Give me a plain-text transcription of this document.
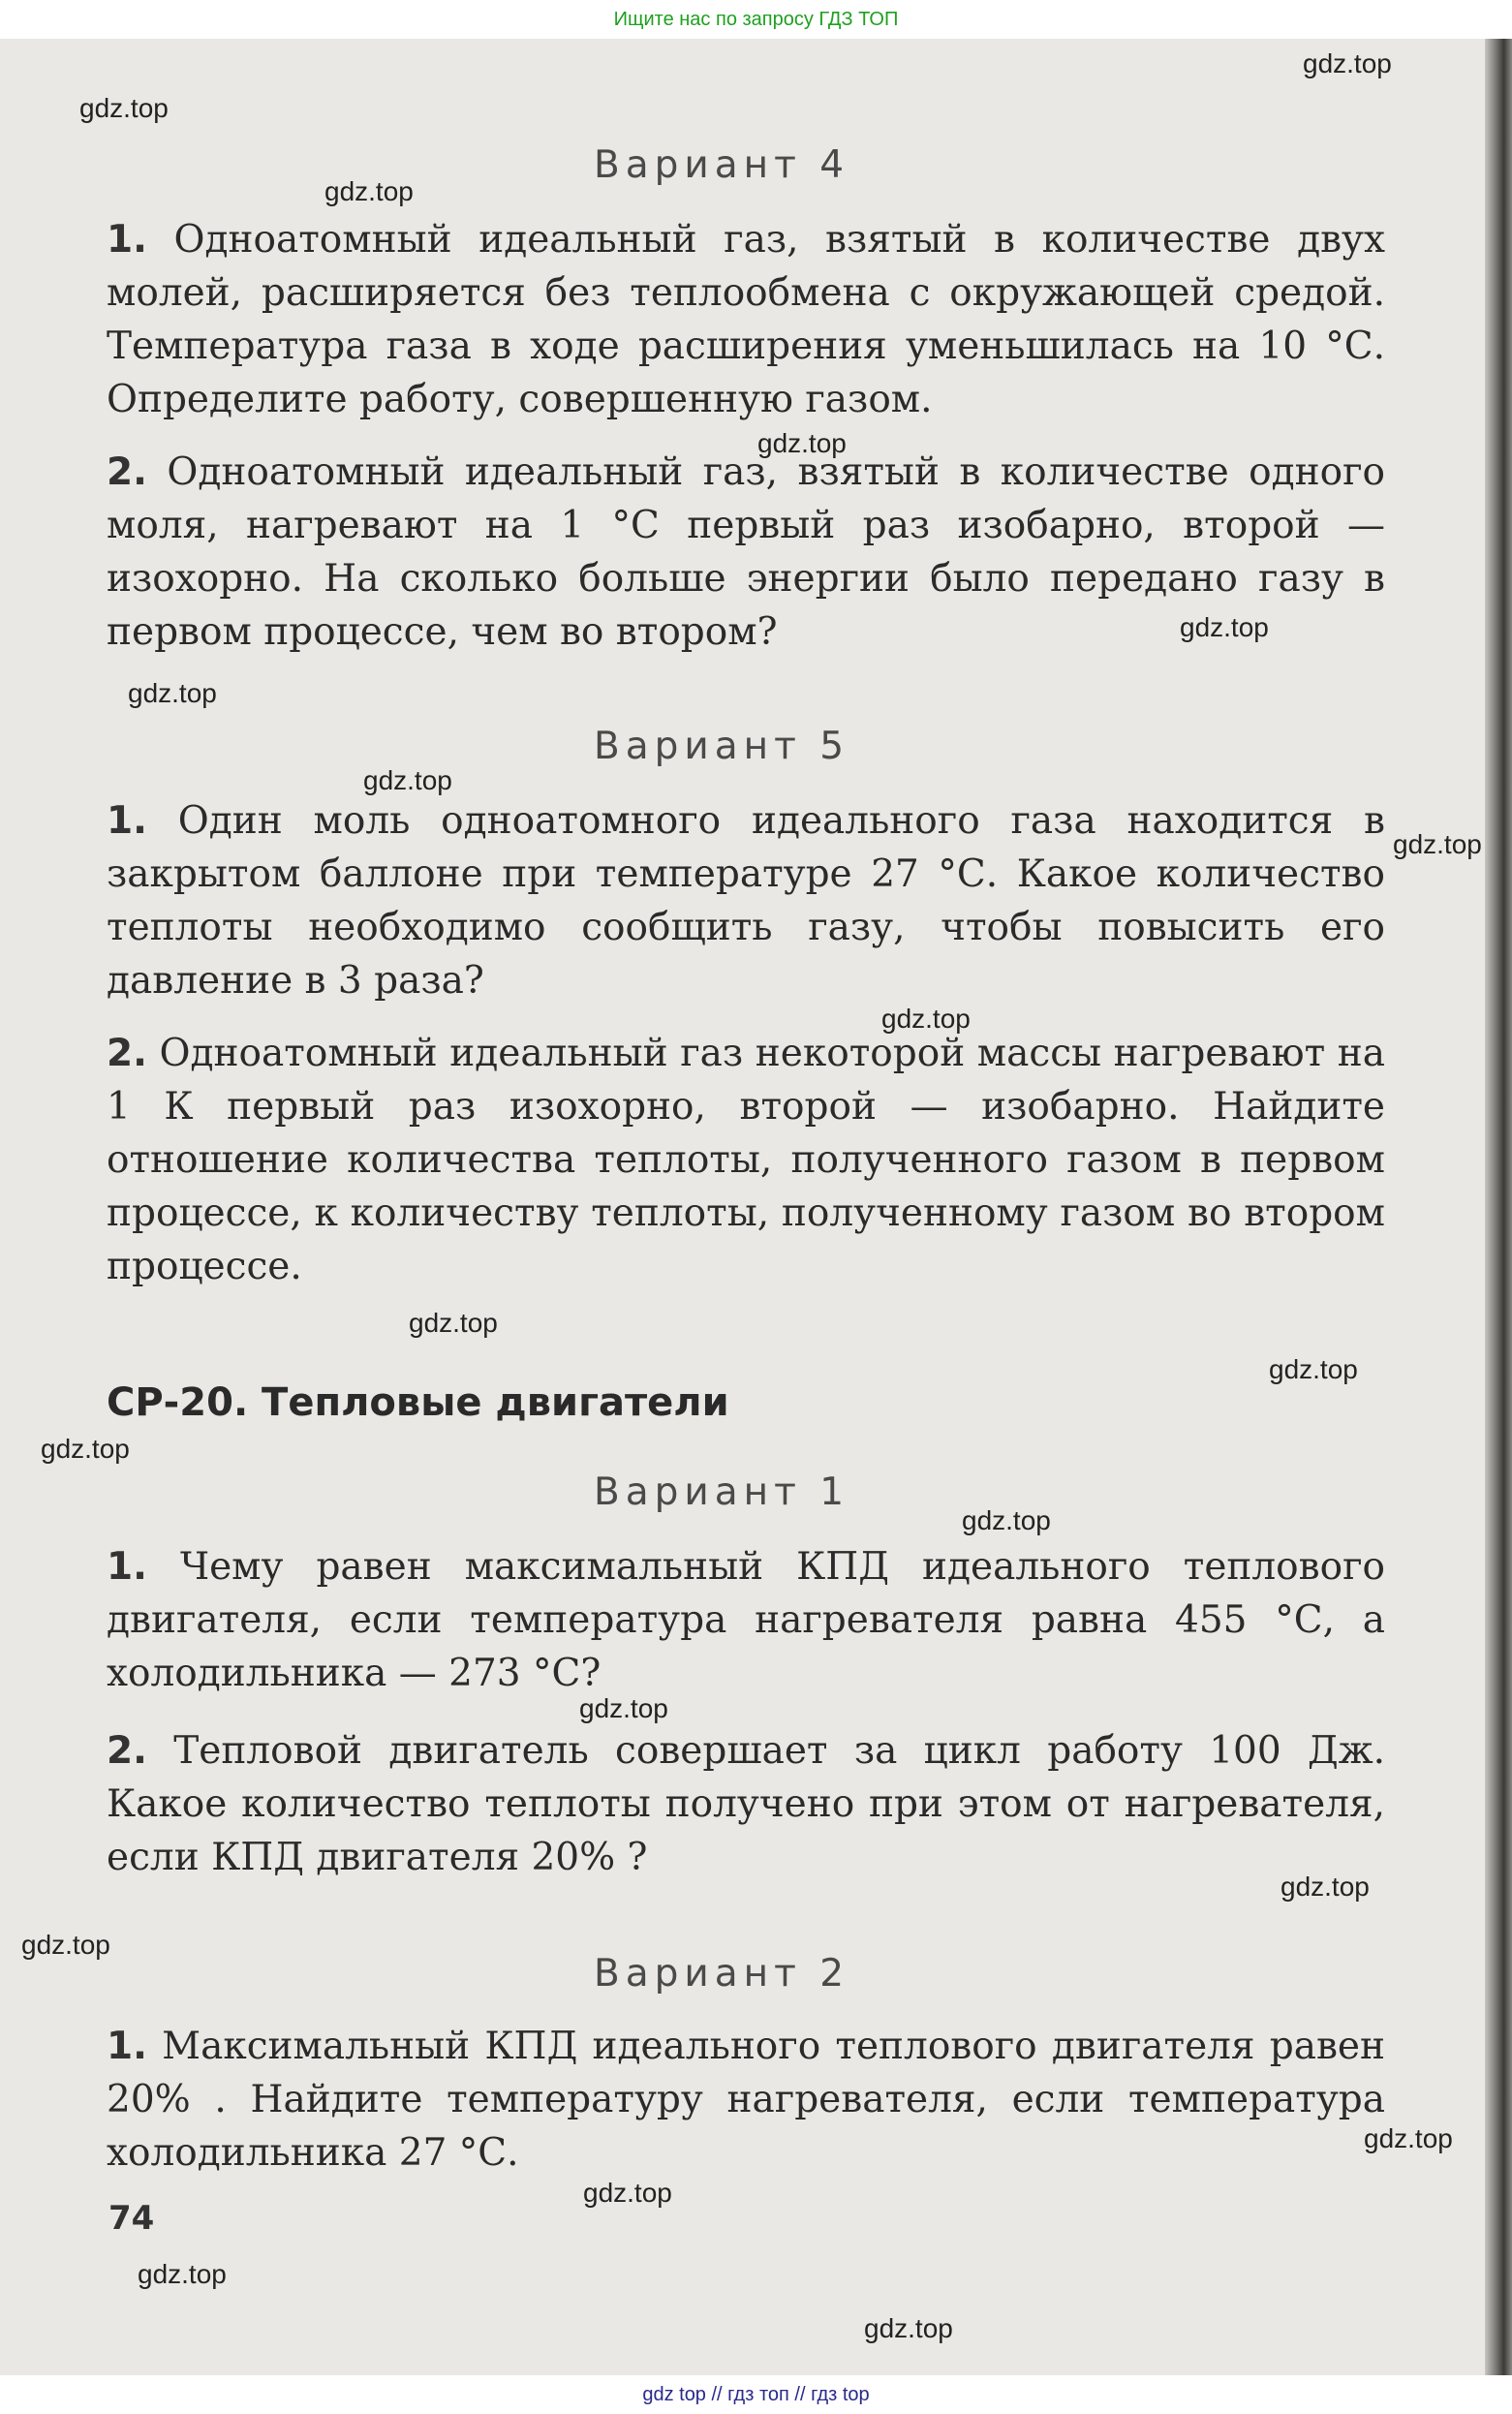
Ищите нас по запросу ГДЗ ТОП
Вариант 4

1. Одноатомный идеальный газ, взятый в количестве двух молей, расширяется без теплообмена с окружающей средой. Температура газа в ходе расширения уменьшилась на 10 °С. Определите работу, совершенную газом.

2. Одноатомный идеальный газ, взятый в количестве одного моля, нагревают на 1 °С первый раз изобарно, второй — изохорно. На сколько больше энергии было передано газу в первом процессе, чем во втором?

Вариант 5

1. Один моль одноатомного идеального газа находится в закрытом баллоне при температуре 27 °С. Какое количество теплоты необходимо сообщить газу, чтобы повысить его давление в 3 раза?

2. Одноатомный идеальный газ некоторой массы нагревают на 1 К первый раз изохорно, второй — изобарно. Найдите отношение количества теплоты, полученного газом в первом процессе, к количеству теплоты, полученному газом во втором процессе.

СР-20. Тепловые двигатели
Вариант 1

1. Чему равен максимальный КПД идеального теплового двигателя, если температура нагревателя равна 455 °С, а холодильника — 273 °С?

2. Тепловой двигатель совершает за цикл работу 100 Дж. Какое количество теплоты получено при этом от нагревателя, если КПД двигателя 20% ?

Вариант 2

1. Максимальный КПД идеального теплового двигателя равен 20% . Найдите температуру нагревателя, если температура холодильника 27 °С.

74
gdz.top
gdz.top
gdz.top
gdz.top
gdz.top
gdz.top
gdz.top
gdz.top
gdz.top
gdz.top
gdz.top
gdz.top
gdz.top
gdz.top
gdz.top
gdz.top
gdz.top
gdz.top
gdz.top
gdz.top
gdz top // гдз топ // гдз top
